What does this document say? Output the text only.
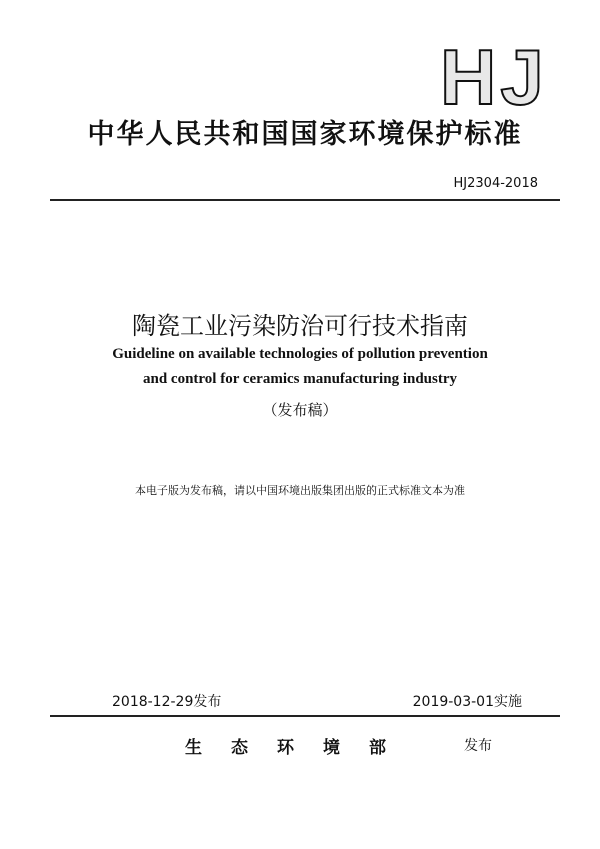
HJ
中华人民共和国国家环境保护标准
HJ2304-2018
陶瓷工业污染防治可行技术指南
Guideline on available technologies of pollution prevention
and control for ceramics manufacturing industry
（发布稿）
本电子版为发布稿，请以中国环境出版集团出版的正式标准文本为准
2018-12-29发布	2019-03-01实施
生态环境部	发布
